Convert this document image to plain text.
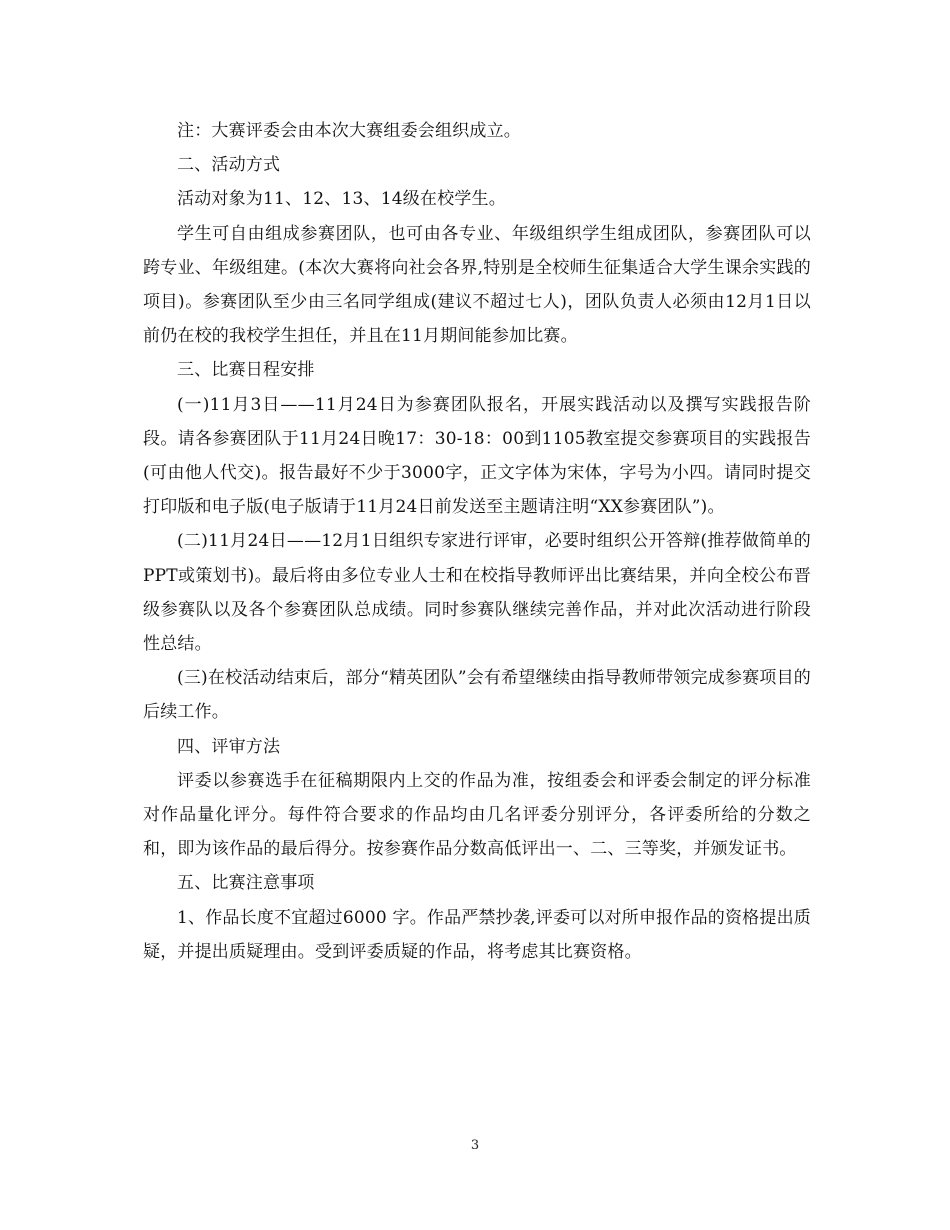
注：大赛评委会由本次大赛组委会组织成立。

二、活动方式

活动对象为11、12、13、14级在校学生。

学生可自由组成参赛团队，也可由各专业、年级组织学生组成团队，参赛团队可以跨专业、年级组建。(本次大赛将向社会各界,特别是全校师生征集适合大学生课余实践的项目)。参赛团队至少由三名同学组成(建议不超过七人)，团队负责人必须由12月1日以前仍在校的我校学生担任，并且在11月期间能参加比赛。

三、比赛日程安排

(一)11月3日——11月24日为参赛团队报名，开展实践活动以及撰写实践报告阶段。请各参赛团队于11月24日晚17：30-18：00到1105教室提交参赛项目的实践报告(可由他人代交)。报告最好不少于3000字，正文字体为宋体，字号为小四。请同时提交打印版和电子版(电子版请于11月24日前发送至主题请注明“XX参赛团队”)。

(二)11月24日——12月1日组织专家进行评审，必要时组织公开答辩(推荐做简单的PPT或策划书)。最后将由多位专业人士和在校指导教师评出比赛结果，并向全校公布晋级参赛队以及各个参赛团队总成绩。同时参赛队继续完善作品，并对此次活动进行阶段性总结。

(三)在校活动结束后，部分“精英团队”会有希望继续由指导教师带领完成参赛项目的后续工作。

四、评审方法

评委以参赛选手在征稿期限内上交的作品为准，按组委会和评委会制定的评分标准对作品量化评分。每件符合要求的作品均由几名评委分别评分，各评委所给的分数之和，即为该作品的最后得分。按参赛作品分数高低评出一、二、三等奖，并颁发证书。

五、比赛注意事项

1、作品长度不宜超过6000 字。作品严禁抄袭,评委可以对所申报作品的资格提出质疑，并提出质疑理由。受到评委质疑的作品，将考虑其比赛资格。

3
